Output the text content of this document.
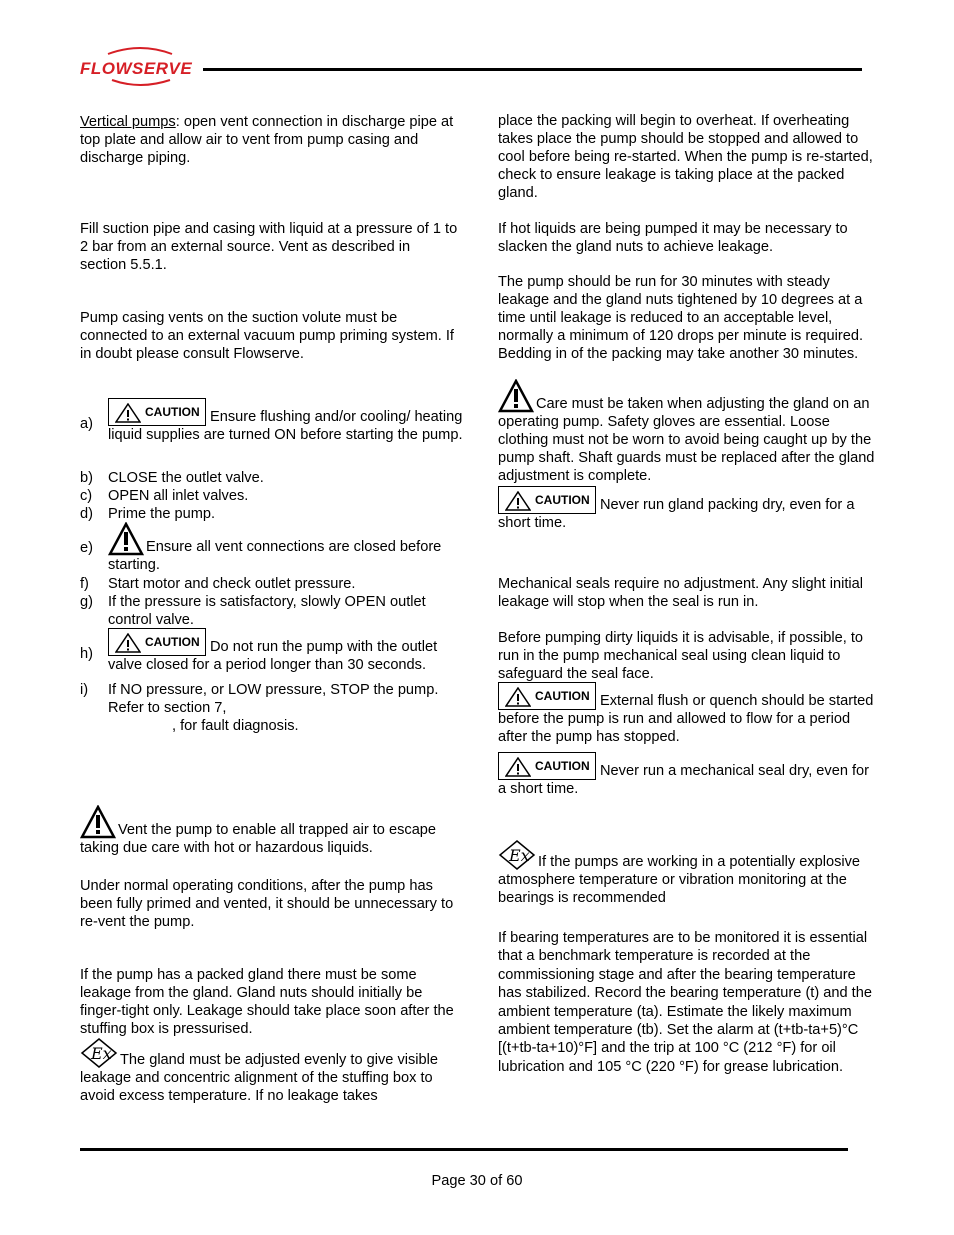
FLOWSERVE

Vertical pumps: open vent connection in discharge pipe at top plate and allow air to vent from pump casing and discharge piping.

Fill suction pipe and casing with liquid at a pressure of 1 to 2 bar from an external source. Vent as described in section 5.5.1.

Pump casing vents on the suction volute must be connected to an external vacuum pump priming system. If in doubt please consult Flowserve.

a)
CAUTION Ensure flushing and/or cooling/ heating liquid supplies are turned ON before starting the pump.
b) CLOSE the outlet valve.
c) OPEN all inlet valves.
d) Prime the pump.
e)	Ensure all vent connections are closed before starting.
f) Start motor and check outlet pressure.
g) If the pressure is satisfactory, slowly OPEN outlet control valve.
h)
CAUTION Do not run the pump with the outlet valve closed for a period longer than 30 seconds.
i) If NO pressure, or LOW pressure, STOP the pump. Refer to section 7,
, for fault diagnosis.

Vent the pump to enable all trapped air to escape taking due care with hot or hazardous liquids.

Under normal operating conditions, after the pump has been fully primed and vented, it should be unnecessary to re-vent the pump.

If the pump has a packed gland there must be some leakage from the gland. Gland nuts should initially be finger-tight only. Leakage should take place soon after the stuffing box is pressurised.

Ex The gland must be adjusted evenly to give visible leakage and concentric alignment of the stuffing box to avoid excess temperature. If no leakage takes

place the packing will begin to overheat. If overheating takes place the pump should be stopped and allowed to cool before being re-started. When the pump is re-started, check to ensure leakage is taking place at the packed gland.

If hot liquids are being pumped it may be necessary to slacken the gland nuts to achieve leakage.

The pump should be run for 30 minutes with steady leakage and the gland nuts tightened by 10 degrees at a time until leakage is reduced to an acceptable level, normally a minimum of 120 drops per minute is required. Bedding in of the packing may take another 30 minutes.

Care must be taken when adjusting the gland on an operating pump. Safety gloves are essential. Loose clothing must not be worn to avoid being caught up by the pump shaft. Shaft guards must be replaced after the gland adjustment is complete.

CAUTION Never run gland packing dry, even for a short time.

Mechanical seals require no adjustment. Any slight initial leakage will stop when the seal is run in.

Before pumping dirty liquids it is advisable, if possible, to run in the pump mechanical seal using clean liquid to safeguard the seal face.

CAUTION External flush or quench should be started before the pump is run and allowed to flow for a period after the pump has stopped.

CAUTION Never run a mechanical seal dry, even for a short time.

Ex If the pumps are working in a potentially explosive atmosphere temperature or vibration monitoring at the bearings is recommended

If bearing temperatures are to be monitored it is essential that a benchmark temperature is recorded at the commissioning stage and after the bearing temperature has stabilized. Record the bearing temperature (t) and the ambient temperature (ta). Estimate the likely maximum ambient temperature (tb). Set the alarm at (t+tb-ta+5)°C [(t+tb-ta+10)°F] and the trip at 100 °C (212 °F) for oil lubrication and 105 °C (220 °F) for grease lubrication.

Page 30 of 60
